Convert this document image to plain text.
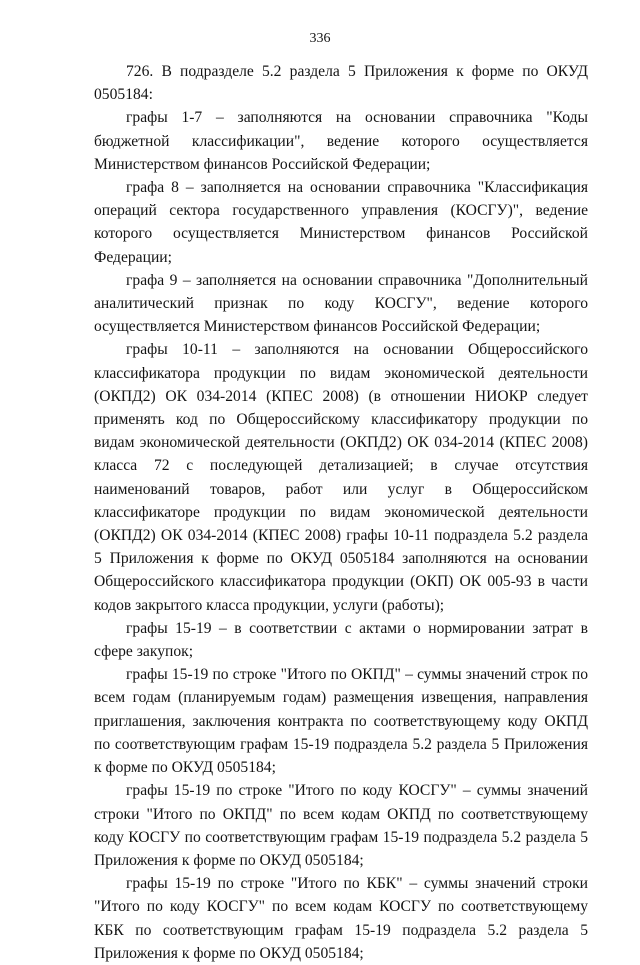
336

726. В подразделе 5.2 раздела 5 Приложения к форме по ОКУД 0505184:

графы 1-7 – заполняются на основании справочника "Коды бюджетной классификации", ведение которого осуществляется Министерством финансов Российской Федерации;

графа 8 – заполняется на основании справочника "Классификация операций сектора государственного управления (КОСГУ)", ведение которого осуществляется Министерством финансов Российской Федерации;

графа 9 – заполняется на основании справочника "Дополнительный аналитический признак по коду КОСГУ", ведение которого осуществляется Министерством финансов Российской Федерации;

графы 10-11 – заполняются на основании Общероссийского классификатора продукции по видам экономической деятельности (ОКПД2) ОК 034-2014 (КПЕС 2008) (в отношении НИОКР следует применять код по Общероссийскому классификатору продукции по видам экономической деятельности (ОКПД2) ОК 034-2014 (КПЕС 2008) класса 72 с последующей детализацией; в случае отсутствия наименований товаров, работ или услуг в Общероссийском классификаторе продукции по видам экономической деятельности (ОКПД2) ОК 034-2014 (КПЕС 2008) графы 10-11 подраздела 5.2 раздела 5 Приложения к форме по ОКУД 0505184 заполняются на основании Общероссийского классификатора продукции (ОКП) ОК 005-93 в части кодов закрытого класса продукции, услуги (работы);

графы 15-19 – в соответствии с актами о нормировании затрат в сфере закупок;

графы 15-19 по строке "Итого по ОКПД" – суммы значений строк по всем годам (планируемым годам) размещения извещения, направления приглашения, заключения контракта по соответствующему коду ОКПД по соответствующим графам 15-19 подраздела 5.2 раздела 5 Приложения к форме по ОКУД 0505184;

графы 15-19 по строке "Итого по коду КОСГУ" – суммы значений строки "Итого по ОКПД" по всем кодам ОКПД по соответствующему коду КОСГУ по соответствующим графам 15-19 подраздела 5.2 раздела 5 Приложения к форме по ОКУД 0505184;

графы 15-19 по строке "Итого по КБК" – суммы значений строки "Итого по коду КОСГУ" по всем кодам КОСГУ по соответствующему КБК по соответствующим графам 15-19 подраздела 5.2 раздела 5 Приложения к форме по ОКУД 0505184;
